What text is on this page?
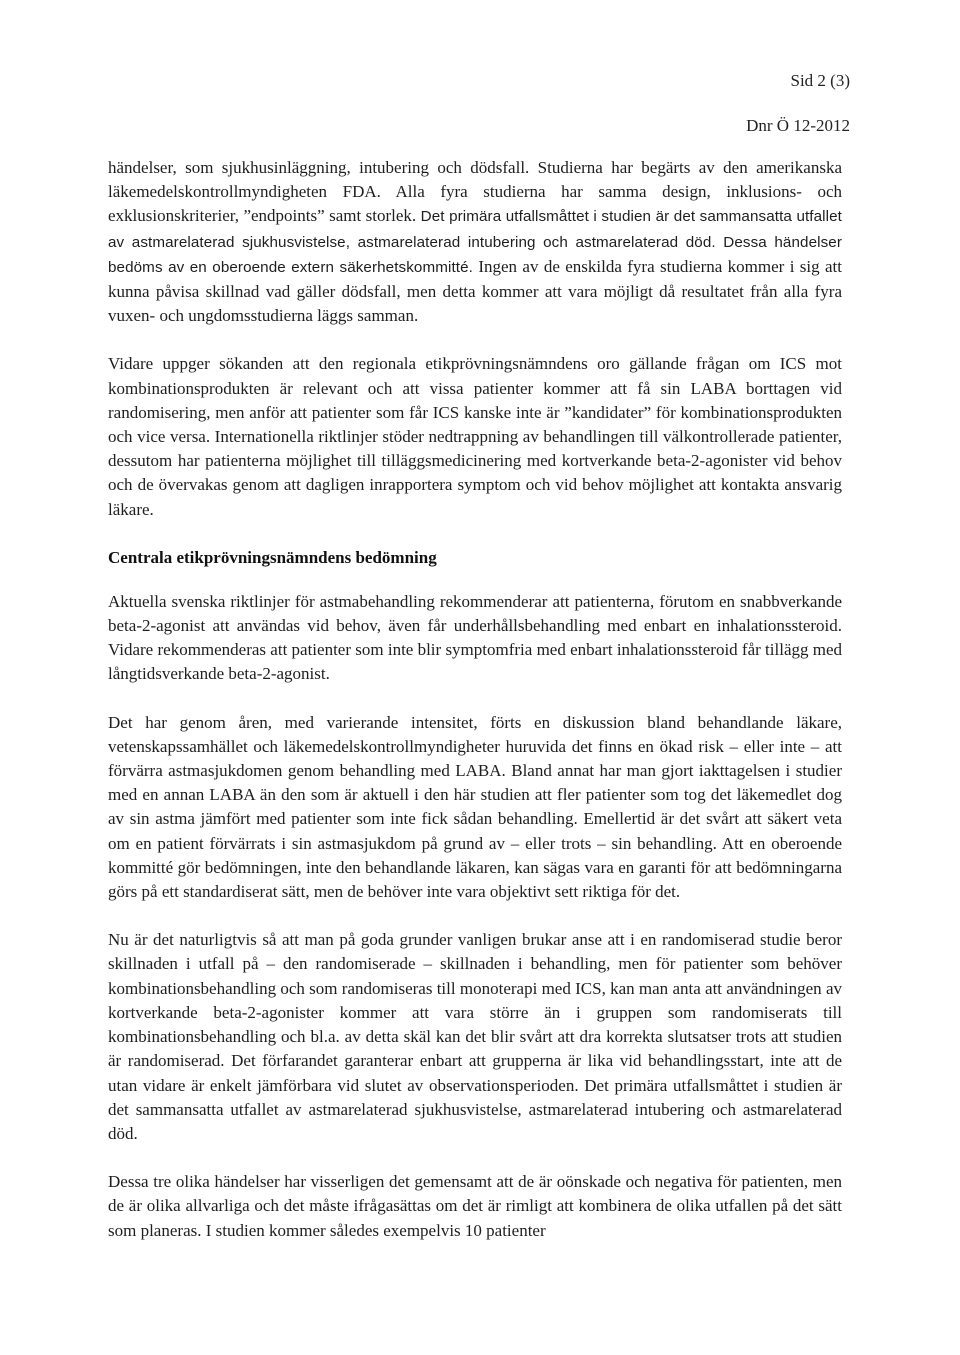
Sid 2 (3)
Dnr Ö 12-2012

händelser, som sjukhusinläggning, intubering och dödsfall. Studierna har begärts av den amerikanska läkemedelskontrollmyndigheten FDA. Alla fyra studierna har samma design, inklusions- och exklusionskriterier, ”endpoints” samt storlek. Det primära utfallsmåttet i studien är det sammansatta utfallet av astmarelaterad sjukhusvistelse, astmarelaterad intubering och astmarelaterad död. Dessa händelser bedöms av en oberoende extern säkerhetskommitté. Ingen av de enskilda fyra studierna kommer i sig att kunna påvisa skillnad vad gäller dödsfall, men detta kommer att vara möjligt då resultatet från alla fyra vuxen- och ungdomsstudierna läggs samman.

Vidare uppger sökanden att den regionala etikprövningsnämndens oro gällande frågan om ICS mot kombinationsprodukten är relevant och att vissa patienter kommer att få sin LABA borttagen vid randomisering, men anför att patienter som får ICS kanske inte är ”kandidater” för kombinationsprodukten och vice versa. Internationella riktlinjer stöder nedtrappning av behandlingen till välkontrollerade patienter, dessutom har patienterna möjlighet till tilläggsmedicinering med kortverkande beta-2-agonister vid behov och de övervakas genom att dagligen inrapportera symptom och vid behov möjlighet att kontakta ansvarig läkare.

Centrala etikprövningsnämndens bedömning

Aktuella svenska riktlinjer för astmabehandling rekommenderar att patienterna, förutom en snabbverkande beta-2-agonist att användas vid behov, även får underhållsbehandling med enbart en inhalationssteroid. Vidare rekommenderas att patienter som inte blir symptomfria med enbart inhalationssteroid får tillägg med långtidsverkande beta-2-agonist.

Det har genom åren, med varierande intensitet, förts en diskussion bland behandlande läkare, vetenskapssamhället och läkemedelskontrollmyndigheter huruvida det finns en ökad risk – eller inte – att förvärra astmasjukdomen genom behandling med LABA. Bland annat har man gjort iakttagelsen i studier med en annan LABA än den som är aktuell i den här studien att fler patienter som tog det läkemedlet dog av sin astma jämfört med patienter som inte fick sådan behandling. Emellertid är det svårt att säkert veta om en patient förvärrats i sin astmasjukdom på grund av – eller trots – sin behandling. Att en oberoende kommitté gör bedömningen, inte den behandlande läkaren, kan sägas vara en garanti för att bedömningarna görs på ett standardiserat sätt, men de behöver inte vara objektivt sett riktiga för det.

Nu är det naturligtvis så att man på goda grunder vanligen brukar anse att i en randomiserad studie beror skillnaden i utfall på – den randomiserade – skillnaden i behandling, men för patienter som behöver kombinationsbehandling och som randomiseras till monoterapi med ICS, kan man anta att användningen av kortverkande beta-2-agonister kommer att vara större än i gruppen som randomiserats till kombinationsbehandling och bl.a. av detta skäl kan det blir svårt att dra korrekta slutsatser trots att studien är randomiserad. Det förfarandet garanterar enbart att grupperna är lika vid behandlingsstart, inte att de utan vidare är enkelt jämförbara vid slutet av observationsperioden. Det primära utfallsmåttet i studien är det sammansatta utfallet av astmarelaterad sjukhusvistelse, astmarelaterad intubering och astmarelaterad död.

Dessa tre olika händelser har visserligen det gemensamt att de är oönskade och negativa för patienten, men de är olika allvarliga och det måste ifrågasättas om det är rimligt att kombinera de olika utfallen på det sätt som planeras. I studien kommer således exempelvis 10 patienter
